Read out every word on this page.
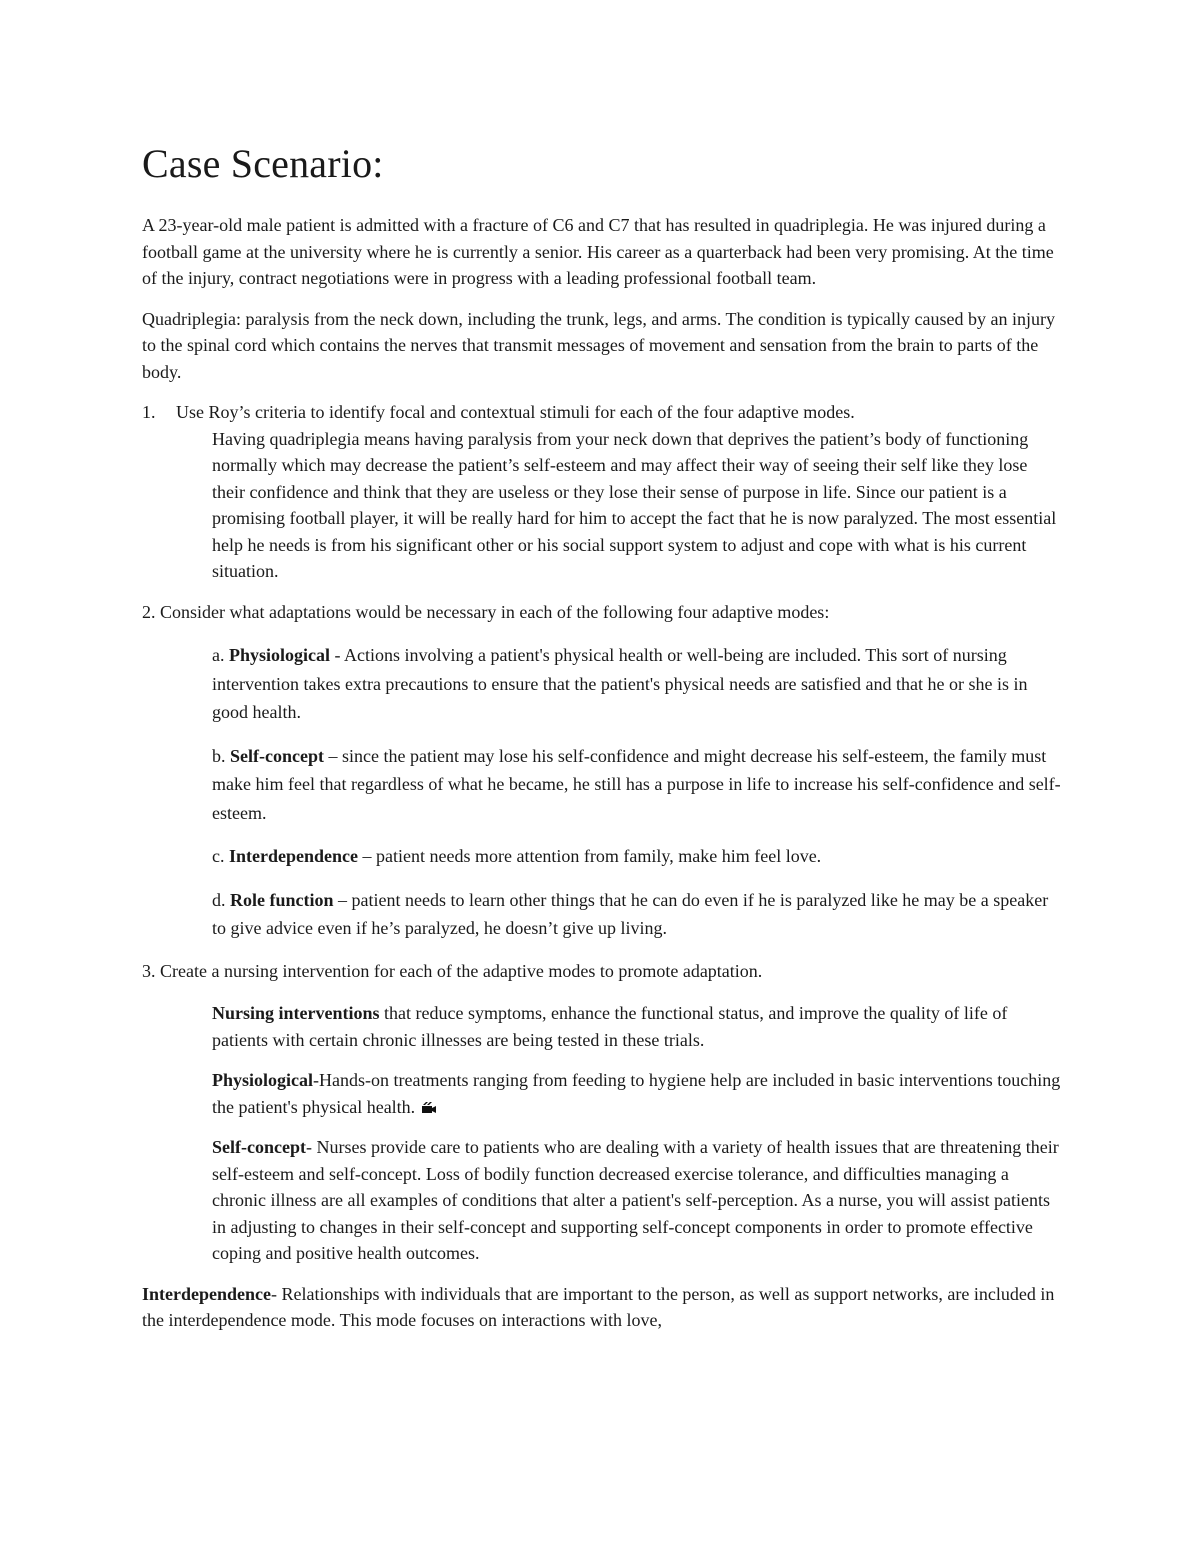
Case Scenario:

A 23-year-old male patient is admitted with a fracture of C6 and C7 that has resulted in quadriplegia. He was injured during a football game at the university where he is currently a senior. His career as a quarterback had been very promising. At the time of the injury, contract negotiations were in progress with a leading professional football team.

Quadriplegia: paralysis from the neck down, including the trunk, legs, and arms. The condition is typically caused by an injury to the spinal cord which contains the nerves that transmit messages of movement and sensation from the brain to parts of the body.

1. Use Roy’s criteria to identify focal and contextual stimuli for each of the four adaptive modes.
Having quadriplegia means having paralysis from your neck down that deprives the patient’s body of functioning normally which may decrease the patient’s self-esteem and may affect their way of seeing their self like they lose their confidence and think that they are useless or they lose their sense of purpose in life. Since our patient is a promising football player, it will be really hard for him to accept the fact that he is now paralyzed. The most essential help he needs is from his significant other or his social support system to adjust and cope with what is his current situation.

2. Consider what adaptations would be necessary in each of the following four adaptive modes:

a. Physiological - Actions involving a patient's physical health or well-being are included. This sort of nursing intervention takes extra precautions to ensure that the patient's physical needs are satisfied and that he or she is in good health.

b. Self-concept – since the patient may lose his self-confidence and might decrease his self-esteem, the family must make him feel that regardless of what he became, he still has a purpose in life to increase his self-confidence and self-esteem.

c. Interdependence – patient needs more attention from family, make him feel love.

d. Role function – patient needs to learn other things that he can do even if he is paralyzed like he may be a speaker to give advice even if he’s paralyzed, he doesn’t give up living.

3. Create a nursing intervention for each of the adaptive modes to promote adaptation.

Nursing interventions that reduce symptoms, enhance the functional status, and improve the quality of life of patients with certain chronic illnesses are being tested in these trials.

Physiological-Hands-on treatments ranging from feeding to hygiene help are included in basic interventions touching the patient's physical health.

Self-concept- Nurses provide care to patients who are dealing with a variety of health issues that are threatening their self-esteem and self-concept. Loss of bodily function decreased exercise tolerance, and difficulties managing a chronic illness are all examples of conditions that alter a patient's self-perception. As a nurse, you will assist patients in adjusting to changes in their self-concept and supporting self-concept components in order to promote effective coping and positive health outcomes.

Interdependence- Relationships with individuals that are important to the person, as well as support networks, are included in the interdependence mode. This mode focuses on interactions with love,
